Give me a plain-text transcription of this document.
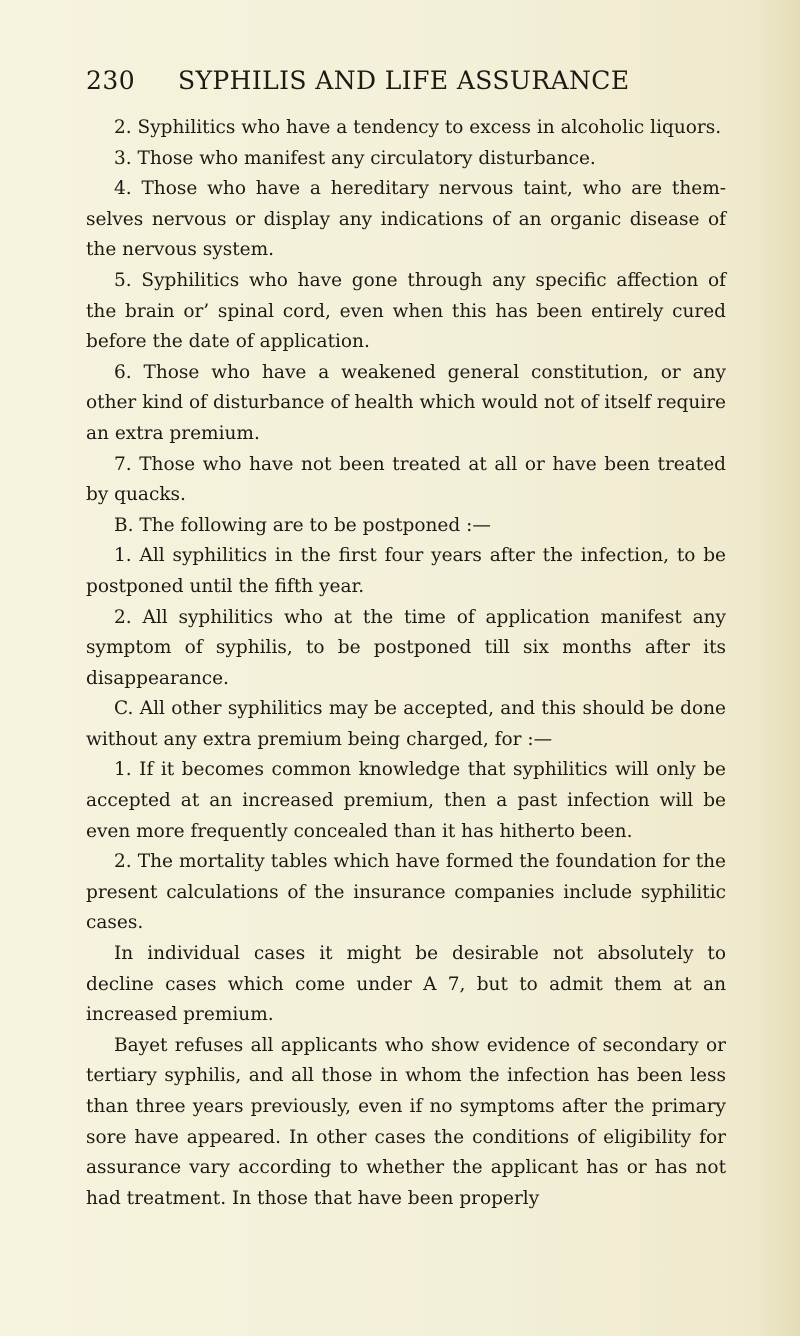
230 SYPHILIS AND LIFE ASSURANCE

2. Syphilitics who have a tendency to excess in alcoholic liquors.

3. Those who manifest any circulatory disturbance.

4. Those who have a hereditary nervous taint, who are them-selves nervous or display any indications of an organic disease of the nervous system.

5. Syphilitics who have gone through any specific affection of the brain or’ spinal cord, even when this has been entirely cured before the date of application.

6. Those who have a weakened general constitution, or any other kind of disturbance of health which would not of itself require an extra premium.

7. Those who have not been treated at all or have been treated by quacks.

B. The following are to be postponed :—

1. All syphilitics in the first four years after the infection, to be postponed until the fifth year.

2. All syphilitics who at the time of application manifest any symptom of syphilis, to be postponed till six months after its disappearance.

C. All other syphilitics may be accepted, and this should be done without any extra premium being charged, for :—

1. If it becomes common knowledge that syphilitics will only be accepted at an increased premium, then a past infection will be even more frequently concealed than it has hitherto been.

2. The mortality tables which have formed the foundation for the present calculations of the insurance companies include syphilitic cases.

In individual cases it might be desirable not absolutely to decline cases which come under A 7, but to admit them at an increased premium.

Bayet refuses all applicants who show evidence of secondary or tertiary syphilis, and all those in whom the infection has been less than three years previously, even if no symptoms after the primary sore have appeared. In other cases the conditions of eligibility for assurance vary according to whether the applicant has or has not had treatment. In those that have been properly
